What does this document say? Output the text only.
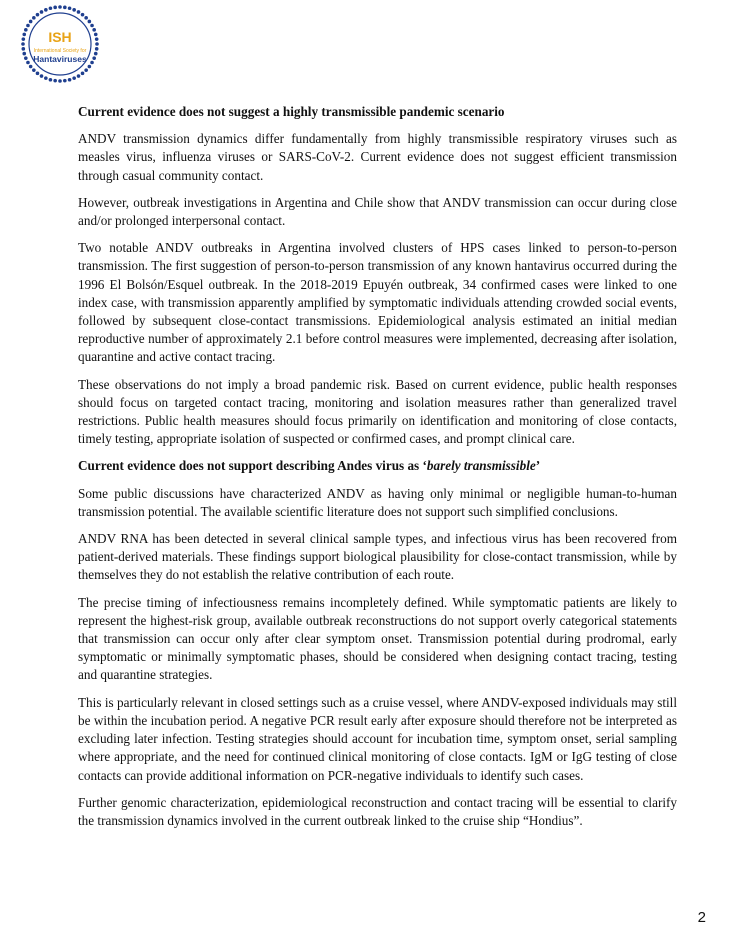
ISH
International Society for
Hantaviruses
Current evidence does not suggest a highly transmissible pandemic scenario

ANDV transmission dynamics differ fundamentally from highly transmissible respiratory viruses such as measles virus, influenza viruses or SARS-CoV-2. Current evidence does not suggest efficient transmission through casual community contact.

However, outbreak investigations in Argentina and Chile show that ANDV transmission can occur during close and/or prolonged interpersonal contact.

Two notable ANDV outbreaks in Argentina involved clusters of HPS cases linked to person-to-person transmission. The first suggestion of person-to-person transmission of any known hantavirus occurred during the 1996 El Bolsón/Esquel outbreak. In the 2018-2019 Epuyén outbreak, 34 confirmed cases were linked to one index case, with transmission apparently amplified by symptomatic individuals attending crowded social events, followed by subsequent close-contact transmissions. Epidemiological analysis estimated an initial median reproductive number of approximately 2.1 before control measures were implemented, decreasing after isolation, quarantine and active contact tracing.

These observations do not imply a broad pandemic risk. Based on current evidence, public health responses should focus on targeted contact tracing, monitoring and isolation measures rather than generalized travel restrictions. Public health measures should focus primarily on identification and monitoring of close contacts, timely testing, appropriate isolation of suspected or confirmed cases, and prompt clinical care.

Current evidence does not support describing Andes virus as ‘barely transmissible’

Some public discussions have characterized ANDV as having only minimal or negligible human-to-human transmission potential. The available scientific literature does not support such simplified conclusions.

ANDV RNA has been detected in several clinical sample types, and infectious virus has been recovered from patient-derived materials. These findings support biological plausibility for close-contact transmission, while by themselves they do not establish the relative contribution of each route.

The precise timing of infectiousness remains incompletely defined. While symptomatic patients are likely to represent the highest-risk group, available outbreak reconstructions do not support overly categorical statements that transmission can occur only after clear symptom onset. Transmission potential during prodromal, early symptomatic or minimally symptomatic phases, should be considered when designing contact tracing, testing and quarantine strategies.

This is particularly relevant in closed settings such as a cruise vessel, where ANDV-exposed individuals may still be within the incubation period. A negative PCR result early after exposure should therefore not be interpreted as excluding later infection. Testing strategies should account for incubation time, symptom onset, serial sampling where appropriate, and the need for continued clinical monitoring of close contacts. IgM or IgG testing of close contacts can provide additional information on PCR-negative individuals to identify such cases.

Further genomic characterization, epidemiological reconstruction and contact tracing will be essential to clarify the transmission dynamics involved in the current outbreak linked to the cruise ship “Hondius”.

2
